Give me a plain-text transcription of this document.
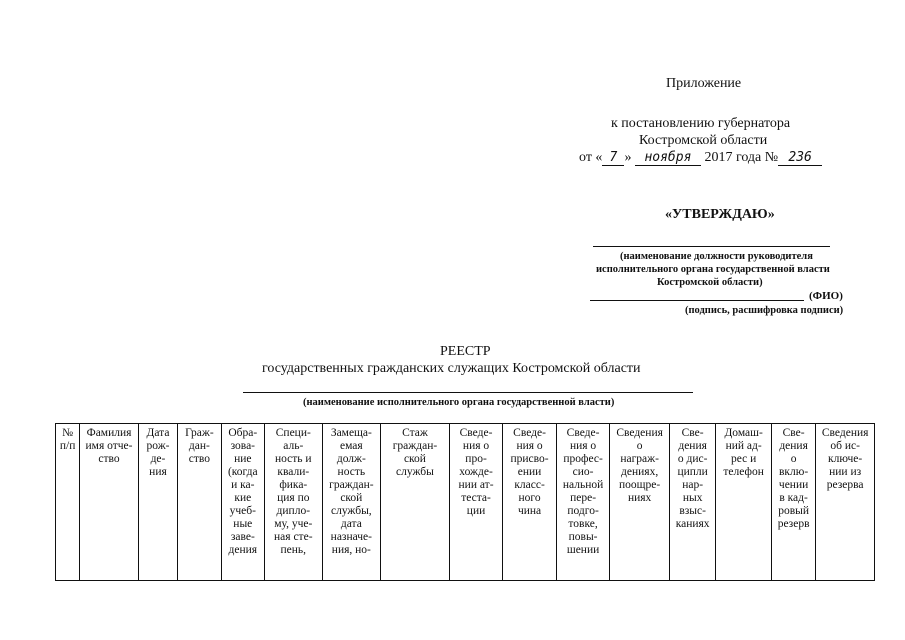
Приложение
к постановлению губернатора
Костромской области
от « 7 » ноября 2017 года № 236
«УТВЕРЖДАЮ»
(наименование должности руководителя
исполнительного органа государственной власти
Костромской области)
(ФИО)
(подпись, расшифровка подписи)
РЕЕСТР
государственных гражданских служащих Костромской области
(наименование исполнительного органа государственной власти)
№
п/п

Фамилия
имя отче-
ство

Дата
рож-
де-
ния

Граж-
дан-
ство

Обра-
зова-
ние
(когда
и ка-
кие
учеб-
ные
заве-
дения

Специ-
аль-
ность и
квали-
фика-
ция по
дипло-
му, уче-
ная сте-
пень,

Замеща-
емая
долж-
ность
граждан-
ской
службы,
дата
назначе-
ния, но-

Стаж
граждан-
ской
службы

Сведе-
ния о
про-
хожде-
нии ат-
теста-
ции

Сведе-
ния о
присво-
ении
класс-
ного
чина

Сведе-
ния о
профес-
сио-
нальной
пере-
подго-
товке,
повы-
шении

Сведения
о
награж-
дениях,
поощре-
ниях

Све-
дения
о дис-
ципли
нар-
ных
взыс-
каниях

Домаш-
ний ад-
рес и
телефон

Све-
дения
о
вклю-
чении
в кад-
ровый
резерв

Сведения
об ис-
ключе-
нии из
резерва
